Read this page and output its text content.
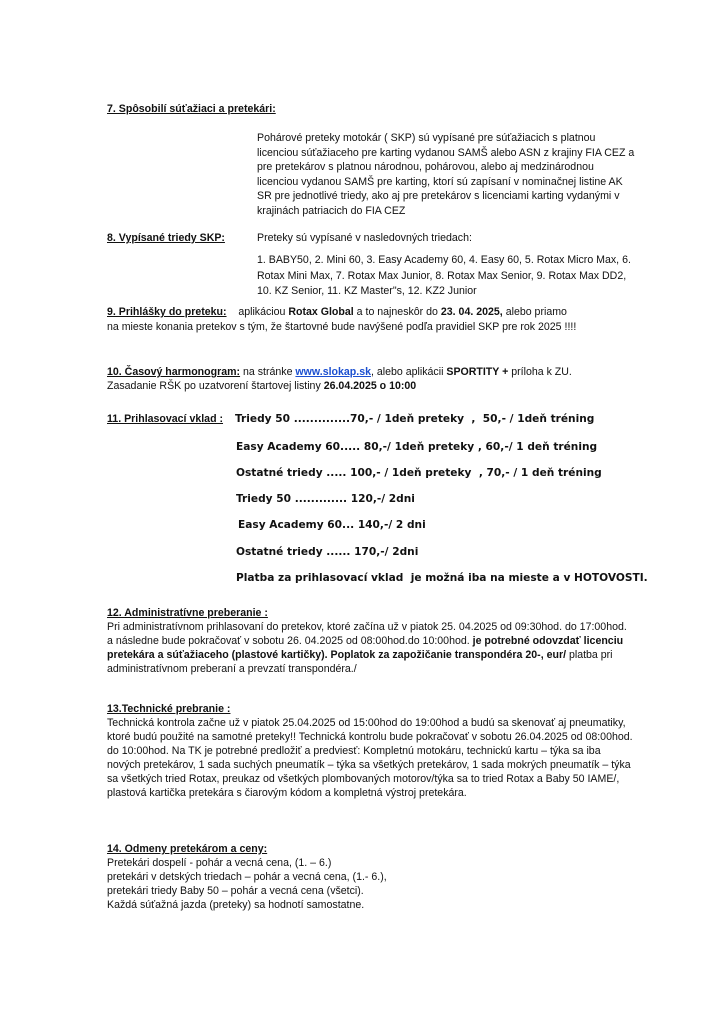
7. Spôsobilí súťažiaci a pretekári:
Pohárové preteky motokár ( SKP) sú vypísané pre súťažiacich s platnou licenciou súťažiaceho pre karting vydanou SAMŠ alebo ASN z krajiny FIA CEZ a pre pretekárov s platnou národnou, pohárovou, alebo aj medzinárodnou licenciou vydanou SAMŠ pre karting, ktorí sú zapísaní v nominačnej listine AK SR pre jednotlivé triedy, ako aj pre pretekárov s licenciami karting vydanými v krajinách patriacich do FIA CEZ
8. Vypísané triedy SKP:	Preteky sú vypísané v nasledovných triedach:
1. BABY50, 2. Mini 60, 3. Easy Academy 60, 4. Easy 60, 5. Rotax Micro Max, 6. Rotax Mini Max, 7. Rotax Max Junior, 8. Rotax Max Senior, 9. Rotax Max DD2, 10. KZ Senior, 11. KZ Master"s, 12. KZ2 Junior
9. Prihlášky do preteku: aplikáciou Rotax Global a to najneskôr do 23. 04. 2025, alebo priamo
na mieste konania pretekov s tým, že štartovné bude navýšené podľa pravidiel SKP pre rok 2025 !!!!
10. Časový harmonogram: na stránke www.slokap.sk, alebo aplikácii SPORTITY + príloha k ZU.
Zasadanie RŠK po uzatvorení štartovej listiny 26.04.2025 o 10:00
11. Prihlasovací vklad : Triedy 50 ..............70,- / 1deň preteky  ,  50,- / 1deň tréning
Easy Academy 60..... 80,-/ 1deň preteky , 60,-/ 1 deň tréning
Ostatné triedy ..... 100,- / 1deň preteky  , 70,- / 1 deň tréning
Triedy 50 ............. 120,-/ 2dni
Easy Academy 60... 140,-/ 2 dni
Ostatné triedy ...... 170,-/ 2dni
Platba za prihlasovací vklad  je možná iba na mieste a v HOTOVOSTI.
12. Administratívne preberanie :
Pri administratívnom prihlasovaní do pretekov, ktoré začína už v piatok 25. 04.2025 od 09:30hod. do 17:00hod. a následne bude pokračovať v sobotu 26. 04.2025 od 08:00hod.do 10:00hod. je potrebné odovzdať licenciu pretekára a súťažiaceho (plastové kartičky). Poplatok za zapožičanie transpondéra 20-, eur/ platba pri administratívnom preberaní a prevzatí transpondéra./
13.Technické prebranie :
Technická kontrola začne už v piatok 25.04.2025 od 15:00hod do 19:00hod a budú sa skenovať aj pneumatiky, ktoré budú použité na samotné preteky!! Technická kontrolu bude pokračovať v sobotu 26.04.2025 od 08:00hod. do 10:00hod. Na TK je potrebné predložiť a predviesť: Kompletnú motokáru, technickú kartu – týka sa iba nových pretekárov, 1 sada suchých pneumatík – týka sa všetkých pretekárov, 1 sada mokrých pneumatík – týka sa všetkých tried Rotax, preukaz od všetkých plombovaných motorov/týka sa to tried Rotax a Baby 50 IAME/, plastová kartička pretekára s čiarovým kódom a kompletná výstroj pretekára.
14. Odmeny pretekárom a ceny:

Pretekári dospelí - pohár a vecná cena, (1. – 6.)

pretekári v detských triedach – pohár a vecná cena, (1.- 6.),

pretekári triedy Baby 50 – pohár a vecná cena (všetci).

Každá súťažná jazda (preteky) sa hodnotí samostatne.
